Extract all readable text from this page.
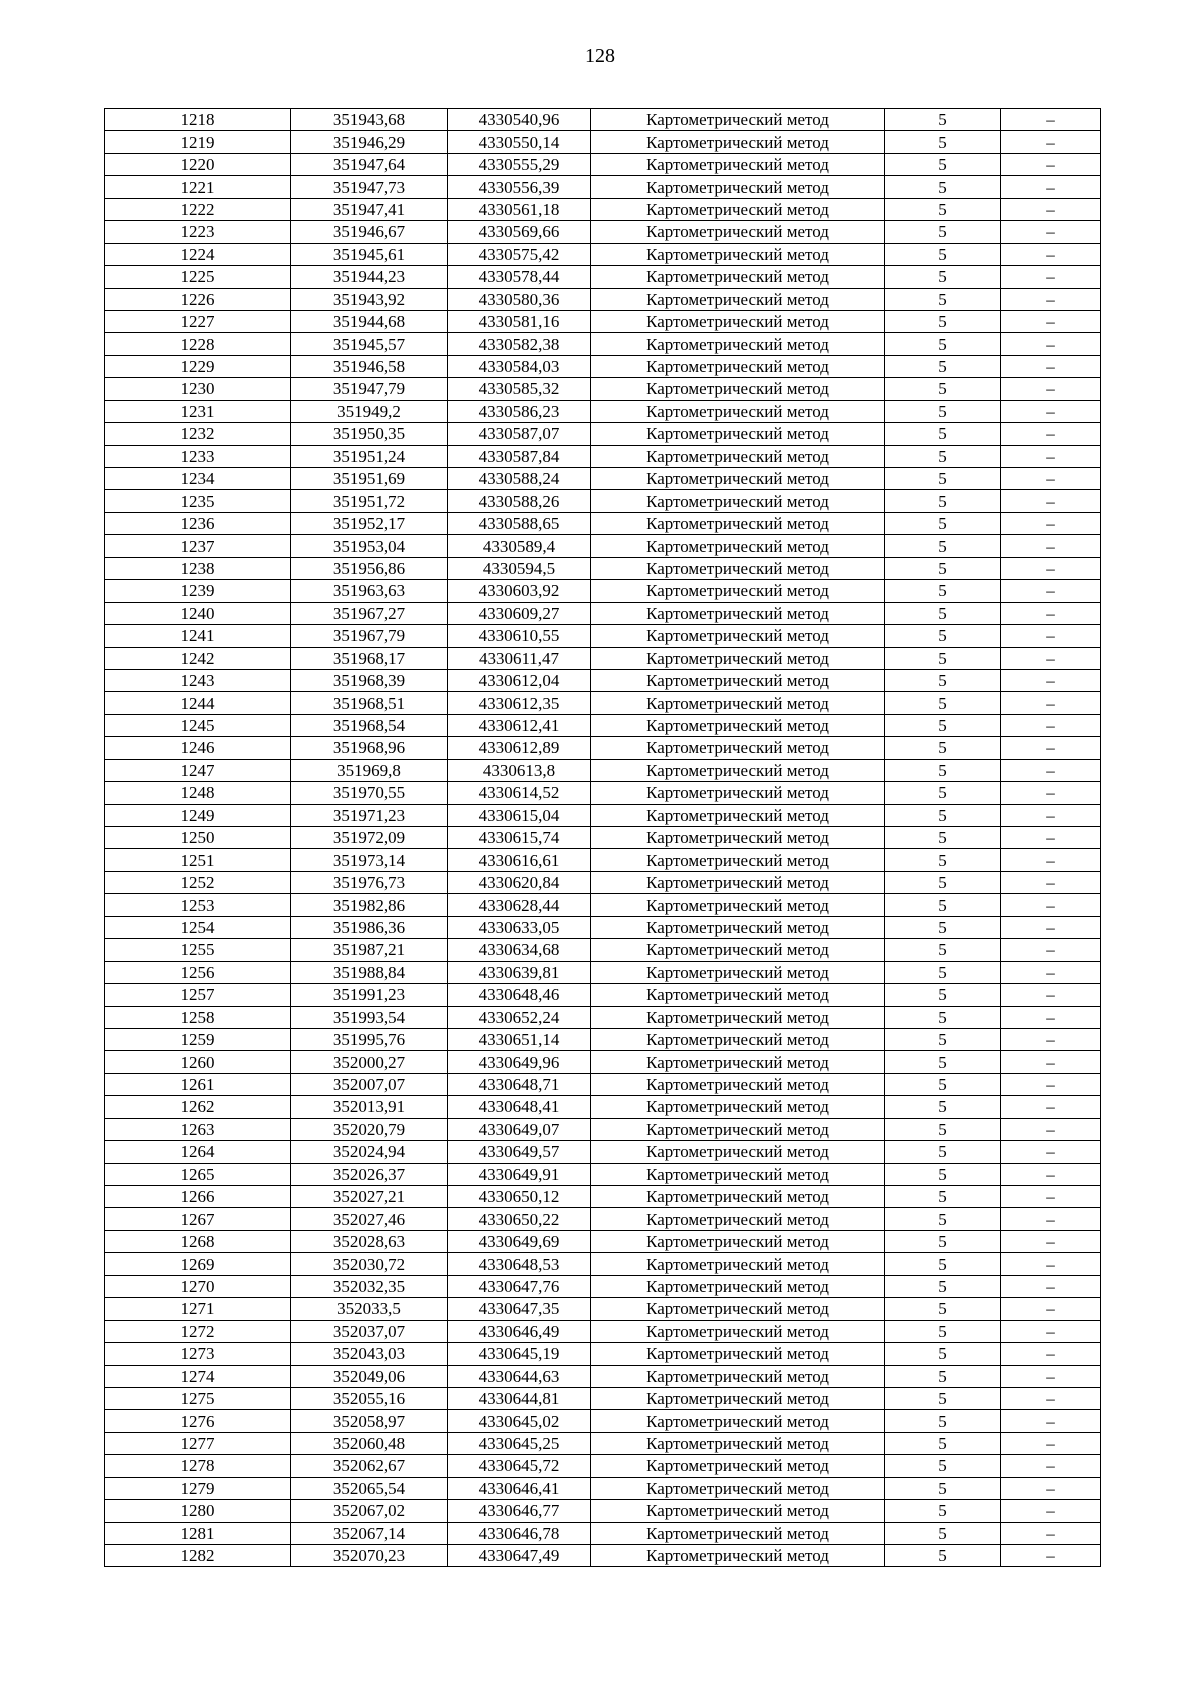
128
1218	351943,68	4330540,96	Картометрический метод	5	–
1219	351946,29	4330550,14	Картометрический метод	5	–
1220	351947,64	4330555,29	Картометрический метод	5	–
1221	351947,73	4330556,39	Картометрический метод	5	–
1222	351947,41	4330561,18	Картометрический метод	5	–
1223	351946,67	4330569,66	Картометрический метод	5	–
1224	351945,61	4330575,42	Картометрический метод	5	–
1225	351944,23	4330578,44	Картометрический метод	5	–
1226	351943,92	4330580,36	Картометрический метод	5	–
1227	351944,68	4330581,16	Картометрический метод	5	–
1228	351945,57	4330582,38	Картометрический метод	5	–
1229	351946,58	4330584,03	Картометрический метод	5	–
1230	351947,79	4330585,32	Картометрический метод	5	–
1231	351949,2	4330586,23	Картометрический метод	5	–
1232	351950,35	4330587,07	Картометрический метод	5	–
1233	351951,24	4330587,84	Картометрический метод	5	–
1234	351951,69	4330588,24	Картометрический метод	5	–
1235	351951,72	4330588,26	Картометрический метод	5	–
1236	351952,17	4330588,65	Картометрический метод	5	–
1237	351953,04	4330589,4	Картометрический метод	5	–
1238	351956,86	4330594,5	Картометрический метод	5	–
1239	351963,63	4330603,92	Картометрический метод	5	–
1240	351967,27	4330609,27	Картометрический метод	5	–
1241	351967,79	4330610,55	Картометрический метод	5	–
1242	351968,17	4330611,47	Картометрический метод	5	–
1243	351968,39	4330612,04	Картометрический метод	5	–
1244	351968,51	4330612,35	Картометрический метод	5	–
1245	351968,54	4330612,41	Картометрический метод	5	–
1246	351968,96	4330612,89	Картометрический метод	5	–
1247	351969,8	4330613,8	Картометрический метод	5	–
1248	351970,55	4330614,52	Картометрический метод	5	–
1249	351971,23	4330615,04	Картометрический метод	5	–
1250	351972,09	4330615,74	Картометрический метод	5	–
1251	351973,14	4330616,61	Картометрический метод	5	–
1252	351976,73	4330620,84	Картометрический метод	5	–
1253	351982,86	4330628,44	Картометрический метод	5	–
1254	351986,36	4330633,05	Картометрический метод	5	–
1255	351987,21	4330634,68	Картометрический метод	5	–
1256	351988,84	4330639,81	Картометрический метод	5	–
1257	351991,23	4330648,46	Картометрический метод	5	–
1258	351993,54	4330652,24	Картометрический метод	5	–
1259	351995,76	4330651,14	Картометрический метод	5	–
1260	352000,27	4330649,96	Картометрический метод	5	–
1261	352007,07	4330648,71	Картометрический метод	5	–
1262	352013,91	4330648,41	Картометрический метод	5	–
1263	352020,79	4330649,07	Картометрический метод	5	–
1264	352024,94	4330649,57	Картометрический метод	5	–
1265	352026,37	4330649,91	Картометрический метод	5	–
1266	352027,21	4330650,12	Картометрический метод	5	–
1267	352027,46	4330650,22	Картометрический метод	5	–
1268	352028,63	4330649,69	Картометрический метод	5	–
1269	352030,72	4330648,53	Картометрический метод	5	–
1270	352032,35	4330647,76	Картометрический метод	5	–
1271	352033,5	4330647,35	Картометрический метод	5	–
1272	352037,07	4330646,49	Картометрический метод	5	–
1273	352043,03	4330645,19	Картометрический метод	5	–
1274	352049,06	4330644,63	Картометрический метод	5	–
1275	352055,16	4330644,81	Картометрический метод	5	–
1276	352058,97	4330645,02	Картометрический метод	5	–
1277	352060,48	4330645,25	Картометрический метод	5	–
1278	352062,67	4330645,72	Картометрический метод	5	–
1279	352065,54	4330646,41	Картометрический метод	5	–
1280	352067,02	4330646,77	Картометрический метод	5	–
1281	352067,14	4330646,78	Картометрический метод	5	–
1282	352070,23	4330647,49	Картометрический метод	5	–
